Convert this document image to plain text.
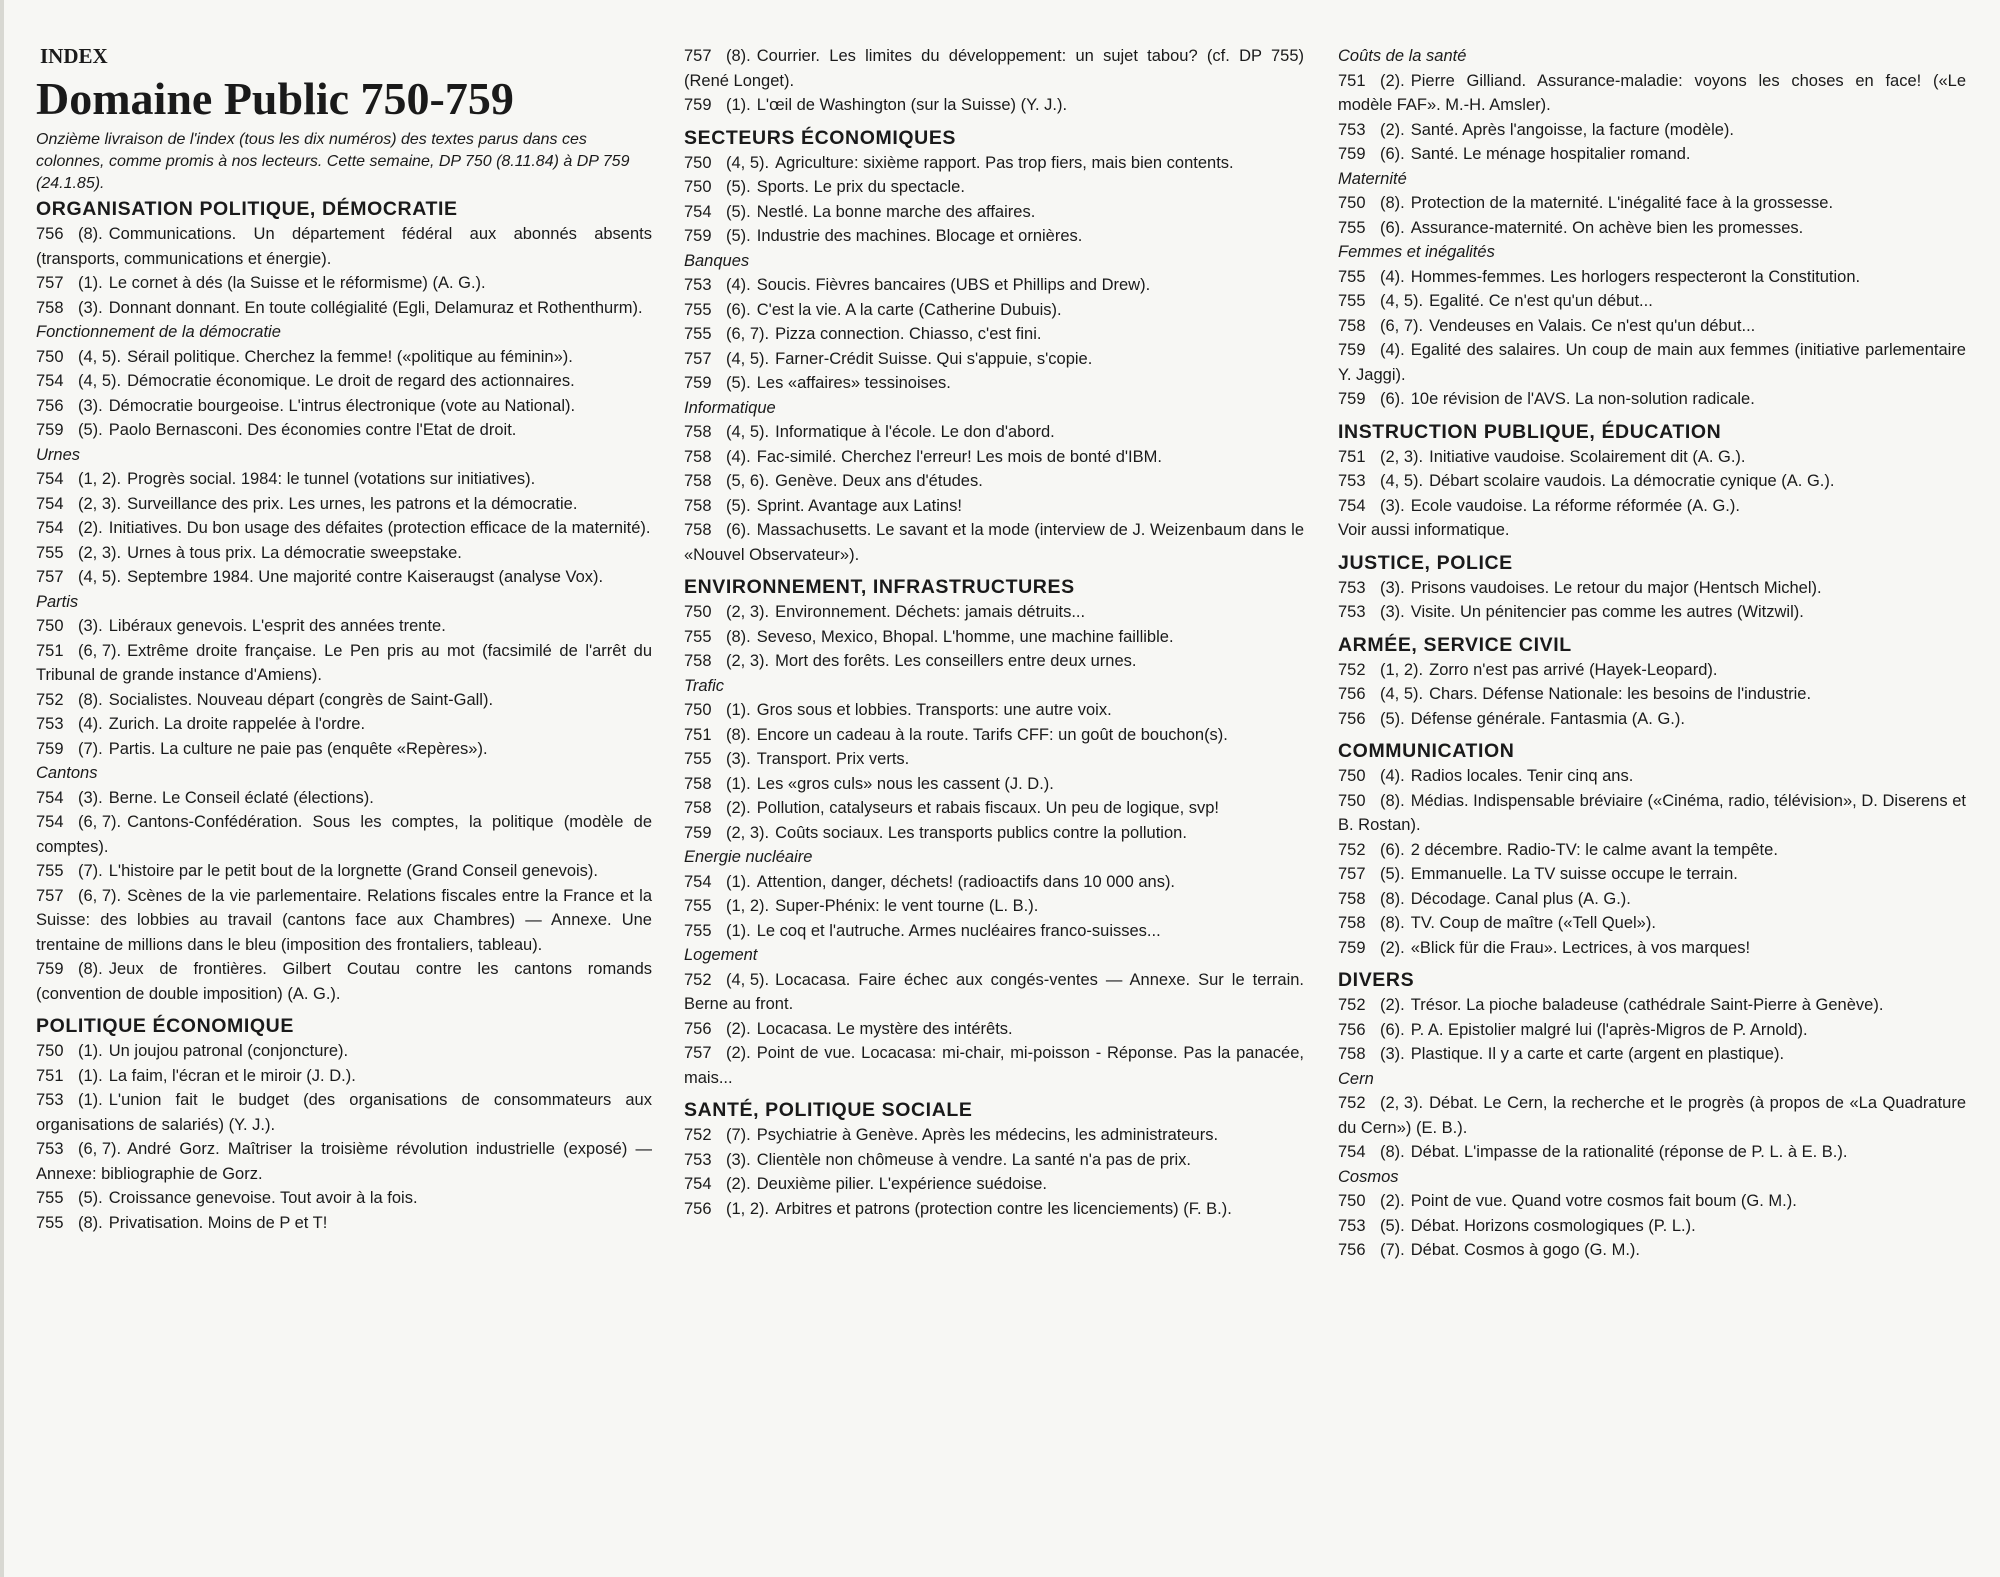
INDEX
Domaine Public 750-759
Onzième livraison de l'index (tous les dix numéros) des textes parus dans ces colonnes, comme promis à nos lecteurs. Cette semaine, DP 750 (8.11.84) à DP 759 (24.1.85).
ORGANISATION POLITIQUE, DÉMOCRATIE
756 (8). Communications. Un département fédéral aux abonnés absents (transports, communications et énergie).
757 (1). Le cornet à dés (la Suisse et le réformisme) (A. G.).
758 (3). Donnant donnant. En toute collégialité (Egli, Delamuraz et Rothenthurm).
Fonctionnement de la démocratie
750 (4, 5). Sérail politique. Cherchez la femme! («politique au féminin»).
754 (4, 5). Démocratie économique. Le droit de regard des actionnaires.
756 (3). Démocratie bourgeoise. L'intrus électronique (vote au National).
759 (5). Paolo Bernasconi. Des économies contre l'Etat de droit.
Urnes
754 (1, 2). Progrès social. 1984: le tunnel (votations sur initiatives).
754 (2, 3). Surveillance des prix. Les urnes, les patrons et la démocratie.
754 (2). Initiatives. Du bon usage des défaites (protection efficace de la maternité).
755 (2, 3). Urnes à tous prix. La démocratie sweepstake.
757 (4, 5). Septembre 1984. Une majorité contre Kaiseraugst (analyse Vox).
Partis
750 (3). Libéraux genevois. L'esprit des années trente.
751 (6, 7). Extrême droite française. Le Pen pris au mot (facsimilé de l'arrêt du Tribunal de grande instance d'Amiens).
752 (8). Socialistes. Nouveau départ (congrès de Saint-Gall).
753 (4). Zurich. La droite rappelée à l'ordre.
759 (7). Partis. La culture ne paie pas (enquête «Repères»).
Cantons
754 (3). Berne. Le Conseil éclaté (élections).
754 (6, 7). Cantons-Confédération. Sous les comptes, la politique (modèle de comptes).
755 (7). L'histoire par le petit bout de la lorgnette (Grand Conseil genevois).
757 (6, 7). Scènes de la vie parlementaire. Relations fiscales entre la France et la Suisse: des lobbies au travail (cantons face aux Chambres) — Annexe. Une trentaine de millions dans le bleu (imposition des frontaliers, tableau).
759 (8). Jeux de frontières. Gilbert Coutau contre les cantons romands (convention de double imposition) (A. G.).
POLITIQUE ÉCONOMIQUE
750 (1). Un joujou patronal (conjoncture).
751 (1). La faim, l'écran et le miroir (J. D.).
753 (1). L'union fait le budget (des organisations de consommateurs aux organisations de salariés) (Y. J.).
753 (6, 7). André Gorz. Maîtriser la troisième révolution industrielle (exposé) — Annexe: bibliographie de Gorz.
755 (5). Croissance genevoise. Tout avoir à la fois.
755 (8). Privatisation. Moins de P et T!
757 (8). Courrier. Les limites du développement: un sujet tabou? (cf. DP 755) (René Longet).
759 (1). L'œil de Washington (sur la Suisse) (Y. J.).
SECTEURS ÉCONOMIQUES
750 (4, 5). Agriculture: sixième rapport. Pas trop fiers, mais bien contents.
750 (5). Sports. Le prix du spectacle.
754 (5). Nestlé. La bonne marche des affaires.
759 (5). Industrie des machines. Blocage et ornières.
Banques
753 (4). Soucis. Fièvres bancaires (UBS et Phillips and Drew).
755 (6). C'est la vie. A la carte (Catherine Dubuis).
755 (6, 7). Pizza connection. Chiasso, c'est fini.
757 (4, 5). Farner-Crédit Suisse. Qui s'appuie, s'copie.
759 (5). Les «affaires» tessinoises.
Informatique
758 (4, 5). Informatique à l'école. Le don d'abord.
758 (4). Fac-similé. Cherchez l'erreur! Les mois de bonté d'IBM.
758 (5, 6). Genève. Deux ans d'études.
758 (5). Sprint. Avantage aux Latins!
758 (6). Massachusetts. Le savant et la mode (interview de J. Weizenbaum dans le «Nouvel Observateur»).
ENVIRONNEMENT, INFRASTRUCTURES
750 (2, 3). Environnement. Déchets: jamais détruits...
755 (8). Seveso, Mexico, Bhopal. L'homme, une machine faillible.
758 (2, 3). Mort des forêts. Les conseillers entre deux urnes.
Trafic
750 (1). Gros sous et lobbies. Transports: une autre voix.
751 (8). Encore un cadeau à la route. Tarifs CFF: un goût de bouchon(s).
755 (3). Transport. Prix verts.
758 (1). Les «gros culs» nous les cassent (J. D.).
758 (2). Pollution, catalyseurs et rabais fiscaux. Un peu de logique, svp!
759 (2, 3). Coûts sociaux. Les transports publics contre la pollution.
Energie nucléaire
754 (1). Attention, danger, déchets! (radioactifs dans 10 000 ans).
755 (1, 2). Super-Phénix: le vent tourne (L. B.).
755 (1). Le coq et l'autruche. Armes nucléaires franco-suisses...
Logement
752 (4, 5). Locacasa. Faire échec aux congés-ventes — Annexe. Sur le terrain. Berne au front.
756 (2). Locacasa. Le mystère des intérêts.
757 (2). Point de vue. Locacasa: mi-chair, mi-poisson - Réponse. Pas la panacée, mais...
SANTÉ, POLITIQUE SOCIALE
752 (7). Psychiatrie à Genève. Après les médecins, les administrateurs.
753 (3). Clientèle non chômeuse à vendre. La santé n'a pas de prix.
754 (2). Deuxième pilier. L'expérience suédoise.
756 (1, 2). Arbitres et patrons (protection contre les licenciements) (F. B.).
Coûts de la santé
751 (2). Pierre Gilliand. Assurance-maladie: voyons les choses en face! («Le modèle FAF». M.-H. Amsler).
753 (2). Santé. Après l'angoisse, la facture (modèle).
759 (6). Santé. Le ménage hospitalier romand.
Maternité
750 (8). Protection de la maternité. L'inégalité face à la grossesse.
755 (6). Assurance-maternité. On achève bien les promesses.
Femmes et inégalités
755 (4). Hommes-femmes. Les horlogers respecteront la Constitution.
755 (4, 5). Egalité. Ce n'est qu'un début...
758 (6, 7). Vendeuses en Valais. Ce n'est qu'un début...
759 (4). Egalité des salaires. Un coup de main aux femmes (initiative parlementaire Y. Jaggi).
759 (6). 10e révision de l'AVS. La non-solution radicale.
INSTRUCTION PUBLIQUE, ÉDUCATION
751 (2, 3). Initiative vaudoise. Scolairement dit (A. G.).
753 (4, 5). Débart scolaire vaudois. La démocratie cynique (A. G.).
754 (3). Ecole vaudoise. La réforme réformée (A. G.).
Voir aussi informatique.
JUSTICE, POLICE
753 (3). Prisons vaudoises. Le retour du major (Hentsch Michel).
753 (3). Visite. Un pénitencier pas comme les autres (Witzwil).
ARMÉE, SERVICE CIVIL
752 (1, 2). Zorro n'est pas arrivé (Hayek-Leopard).
756 (4, 5). Chars. Défense Nationale: les besoins de l'industrie.
756 (5). Défense générale. Fantasmia (A. G.).
COMMUNICATION
750 (4). Radios locales. Tenir cinq ans.
750 (8). Médias. Indispensable bréviaire («Cinéma, radio, télévision», D. Diserens et B. Rostan).
752 (6). 2 décembre. Radio-TV: le calme avant la tempête.
757 (5). Emmanuelle. La TV suisse occupe le terrain.
758 (8). Décodage. Canal plus (A. G.).
758 (8). TV. Coup de maître («Tell Quel»).
759 (2). «Blick für die Frau». Lectrices, à vos marques!
DIVERS
752 (2). Trésor. La pioche baladeuse (cathédrale Saint-Pierre à Genève).
756 (6). P. A. Epistolier malgré lui (l'après-Migros de P. Arnold).
758 (3). Plastique. Il y a carte et carte (argent en plastique).
Cern
752 (2, 3). Débat. Le Cern, la recherche et le progrès (à propos de «La Quadrature du Cern») (E. B.).
754 (8). Débat. L'impasse de la rationalité (réponse de P. L. à E. B.).
Cosmos
750 (2). Point de vue. Quand votre cosmos fait boum (G. M.).
753 (5). Débat. Horizons cosmologiques (P. L.).
756 (7). Débat. Cosmos à gogo (G. M.).
